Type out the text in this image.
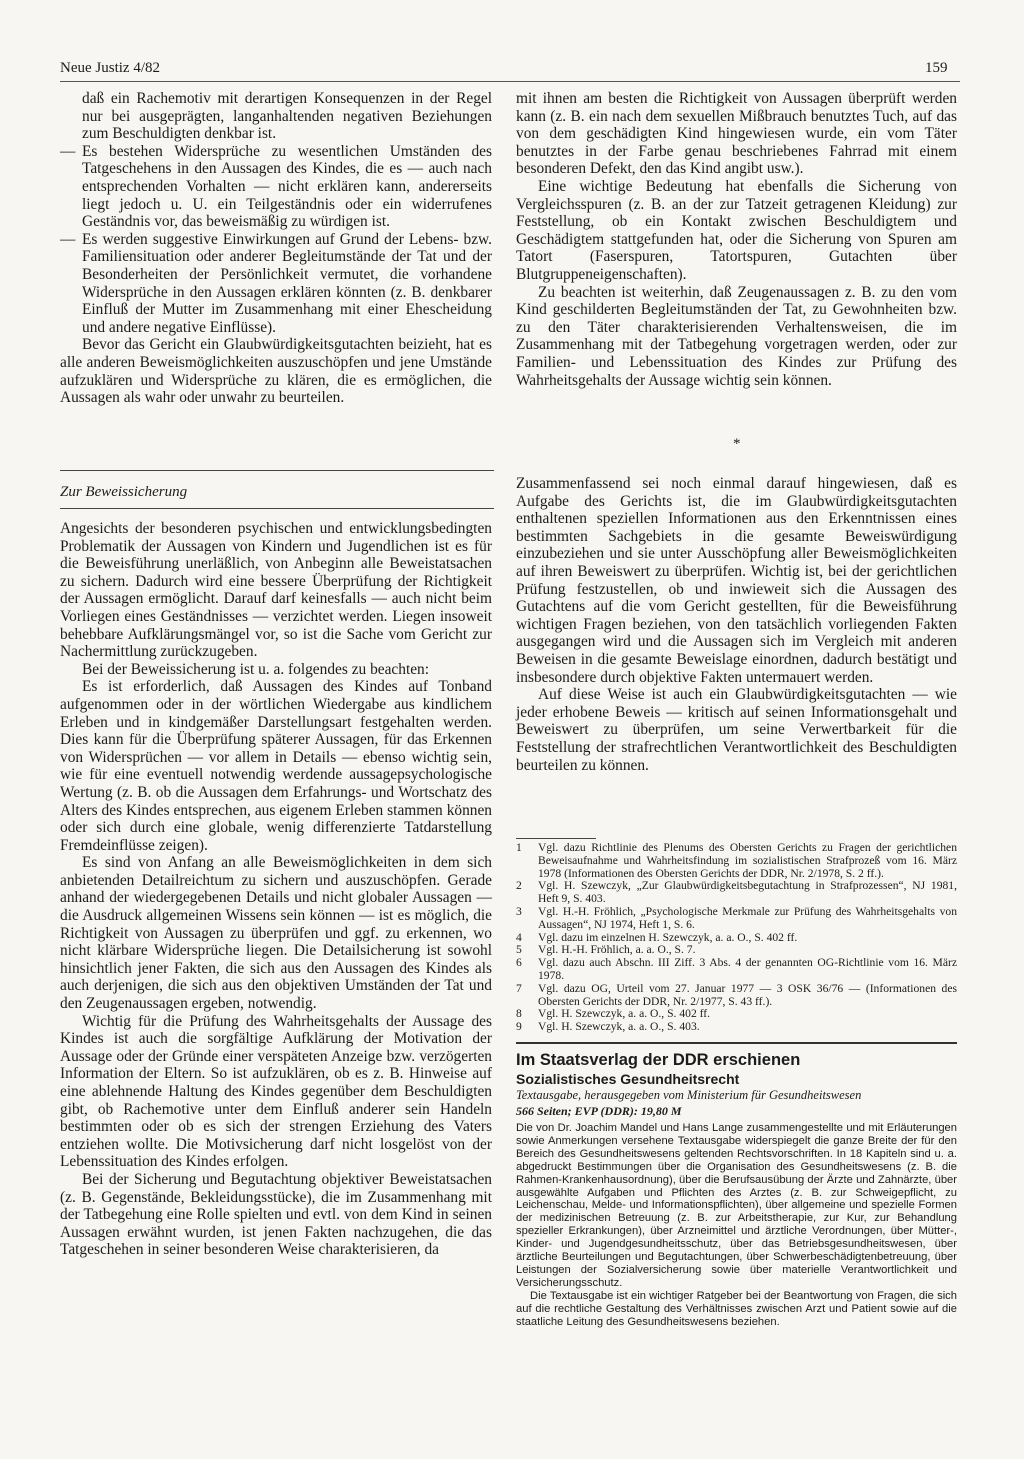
Neue Justiz 4/82	159

daß ein Rachemotiv mit derartigen Konsequenzen in der Regel nur bei ausgeprägten, langanhaltenden negativen Beziehungen zum Beschuldigten denkbar ist.

— Es bestehen Widersprüche zu wesentlichen Umständen des Tatgeschehens in den Aussagen des Kindes, die es — auch nach entsprechenden Vorhalten — nicht erklären kann, andererseits liegt jedoch u. U. ein Teilgeständnis oder ein widerrufenes Geständnis vor, das beweismäßig zu würdigen ist.

— Es werden suggestive Einwirkungen auf Grund der Lebens- bzw. Familiensituation oder anderer Begleitumstände der Tat und der Besonderheiten der Persönlichkeit vermutet, die vorhandene Widersprüche in den Aussagen erklären könnten (z. B. denkbarer Einfluß der Mutter im Zusammenhang mit einer Ehescheidung und andere negative Einflüsse).

Bevor das Gericht ein Glaubwürdigkeitsgutachten beizieht, hat es alle anderen Beweismöglichkeiten auszuschöpfen und jene Umstände aufzuklären und Widersprüche zu klären, die es ermöglichen, die Aussagen als wahr oder unwahr zu beurteilen.

Zur Beweissicherung

Angesichts der besonderen psychischen und entwicklungsbedingten Problematik der Aussagen von Kindern und Jugendlichen ist es für die Beweisführung unerläßlich, von Anbeginn alle Beweistatsachen zu sichern. Dadurch wird eine bessere Überprüfung der Richtigkeit der Aussagen ermöglicht. Darauf darf keinesfalls — auch nicht beim Vorliegen eines Geständnisses — verzichtet werden. Liegen insoweit behebbare Aufklärungsmängel vor, so ist die Sache vom Gericht zur Nachermittlung zurückzugeben.

Bei der Beweissicherung ist u. a. folgendes zu beachten:

Es ist erforderlich, daß Aussagen des Kindes auf Tonband aufgenommen oder in der wörtlichen Wiedergabe aus kindlichem Erleben und in kindgemäßer Darstellungsart festgehalten werden. Dies kann für die Überprüfung späterer Aussagen, für das Erkennen von Widersprüchen — vor allem in Details — ebenso wichtig sein, wie für eine eventuell notwendig werdende aussagepsychologische Wertung (z. B. ob die Aussagen dem Erfahrungs- und Wortschatz des Alters des Kindes entsprechen, aus eigenem Erleben stammen können oder sich durch eine globale, wenig differenzierte Tatdarstellung Fremdeinflüsse zeigen).

Es sind von Anfang an alle Beweismöglichkeiten in dem sich anbietenden Detailreichtum zu sichern und auszuschöpfen. Gerade anhand der wiedergegebenen Details und nicht globaler Aussagen — die Ausdruck allgemeinen Wissens sein können — ist es möglich, die Richtigkeit von Aussagen zu überprüfen und ggf. zu erkennen, wo nicht klärbare Widersprüche liegen. Die Detailsicherung ist sowohl hinsichtlich jener Fakten, die sich aus den Aussagen des Kindes als auch derjenigen, die sich aus den objektiven Umständen der Tat und den Zeugenaussagen ergeben, notwendig.

Wichtig für die Prüfung des Wahrheitsgehalts der Aussage des Kindes ist auch die sorgfältige Aufklärung der Motivation der Aussage oder der Gründe einer verspäteten Anzeige bzw. verzögerten Information der Eltern. So ist aufzuklären, ob es z. B. Hinweise auf eine ablehnende Haltung des Kindes gegenüber dem Beschuldigten gibt, ob Rachemotive unter dem Einfluß anderer sein Handeln bestimmten oder ob es sich der strengen Erziehung des Vaters entziehen wollte. Die Motivsicherung darf nicht losgelöst von der Lebenssituation des Kindes erfolgen.

Bei der Sicherung und Begutachtung objektiver Beweistatsachen (z. B. Gegenstände, Bekleidungsstücke), die im Zusammenhang mit der Tatbegehung eine Rolle spielten und evtl. von dem Kind in seinen Aussagen erwähnt wurden, ist jenen Fakten nachzugehen, die das Tatgeschehen in seiner besonderen Weise charakterisieren, da

mit ihnen am besten die Richtigkeit von Aussagen überprüft werden kann (z. B. ein nach dem sexuellen Mißbrauch benutztes Tuch, auf das von dem geschädigten Kind hingewiesen wurde, ein vom Täter benutztes in der Farbe genau beschriebenes Fahrrad mit einem besonderen Defekt, den das Kind angibt usw.).

Eine wichtige Bedeutung hat ebenfalls die Sicherung von Vergleichsspuren (z. B. an der zur Tatzeit getragenen Kleidung) zur Feststellung, ob ein Kontakt zwischen Beschuldigtem und Geschädigtem stattgefunden hat, oder die Sicherung von Spuren am Tatort (Faserspuren, Tatortspuren, Gutachten über Blutgruppeneigenschaften).

Zu beachten ist weiterhin, daß Zeugenaussagen z. B. zu den vom Kind geschilderten Begleitumständen der Tat, zu Gewohnheiten bzw. zu den Täter charakterisierenden Verhaltensweisen, die im Zusammenhang mit der Tatbegehung vorgetragen werden, oder zur Familien- und Lebenssituation des Kindes zur Prüfung des Wahrheitsgehalts der Aussage wichtig sein können.

*

Zusammenfassend sei noch einmal darauf hingewiesen, daß es Aufgabe des Gerichts ist, die im Glaubwürdigkeitsgutachten enthaltenen speziellen Informationen aus den Erkenntnissen eines bestimmten Sachgebiets in die gesamte Beweiswürdigung einzubeziehen und sie unter Ausschöpfung aller Beweismöglichkeiten auf ihren Beweiswert zu überprüfen. Wichtig ist, bei der gerichtlichen Prüfung festzustellen, ob und inwieweit sich die Aussagen des Gutachtens auf die vom Gericht gestellten, für die Beweisführung wichtigen Fragen beziehen, von den tatsächlich vorliegenden Fakten ausgegangen wird und die Aussagen sich im Vergleich mit anderen Beweisen in die gesamte Beweislage einordnen, dadurch bestätigt und insbesondere durch objektive Fakten untermauert werden.

Auf diese Weise ist auch ein Glaubwürdigkeitsgutachten — wie jeder erhobene Beweis — kritisch auf seinen Informationsgehalt und Beweiswert zu überprüfen, um seine Verwertbarkeit für die Feststellung der strafrechtlichen Verantwortlichkeit des Beschuldigten beurteilen zu können.

1 Vgl. dazu Richtlinie des Plenums des Obersten Gerichts zu Fragen der gerichtlichen Beweisaufnahme und Wahrheitsfindung im sozialistischen Strafprozeß vom 16. März 1978 (Informationen des Obersten Gerichts der DDR, Nr. 2/1978, S. 2 ff.).
2 Vgl. H. Szewczyk, „Zur Glaubwürdigkeitsbegutachtung in Strafprozessen“, NJ 1981, Heft 9, S. 403.
3 Vgl. H.-H. Fröhlich, „Psychologische Merkmale zur Prüfung des Wahrheitsgehalts von Aussagen“, NJ 1974, Heft 1, S. 6.
4 Vgl. dazu im einzelnen H. Szewczyk, a. a. O., S. 402 ff.
5 Vgl. H.-H. Fröhlich, a. a. O., S. 7.
6 Vgl. dazu auch Abschn. III Ziff. 3 Abs. 4 der genannten OG-Richtlinie vom 16. März 1978.
7 Vgl. dazu OG, Urteil vom 27. Januar 1977 — 3 OSK 36/76 — (Informationen des Obersten Gerichts der DDR, Nr. 2/1977, S. 43 ff.).
8 Vgl. H. Szewczyk, a. a. O., S. 402 ff.
9 Vgl. H. Szewczyk, a. a. O., S. 403.
Im Staatsverlag der DDR erschienen
Sozialistisches Gesundheitsrecht
Textausgabe, herausgegeben vom Ministerium für Gesundheitswesen
566 Seiten; EVP (DDR): 19,80 M

Die von Dr. Joachim Mandel und Hans Lange zusammengestellte und mit Erläuterungen sowie Anmerkungen versehene Textausgabe widerspiegelt die ganze Breite der für den Bereich des Gesundheitswesens geltenden Rechtsvorschriften. In 18 Kapiteln sind u. a. abgedruckt Bestimmungen über die Organisation des Gesundheitswesens (z. B. die Rahmen-Krankenhausordnung), über die Berufsausübung der Ärzte und Zahnärzte, über ausgewählte Aufgaben und Pflichten des Arztes (z. B. zur Schweigepflicht, zu Leichenschau, Melde- und Informationspflichten), über allgemeine und spezielle Formen der medizinischen Betreuung (z. B. zur Arbeitstherapie, zur Kur, zur Behandlung spezieller Erkrankungen), über Arzneimittel und ärztliche Verordnungen, über Mütter-, Kinder- und Jugendgesundheitsschutz, über das Betriebsgesundheitswesen, über ärztliche Beurteilungen und Begutachtungen, über Schwerbeschädigtenbetreuung, über Leistungen der Sozialversicherung sowie über materielle Verantwortlichkeit und Versicherungsschutz.

Die Textausgabe ist ein wichtiger Ratgeber bei der Beantwortung von Fragen, die sich auf die rechtliche Gestaltung des Verhältnisses zwischen Arzt und Patient sowie auf die staatliche Leitung des Gesundheitswesens beziehen.
